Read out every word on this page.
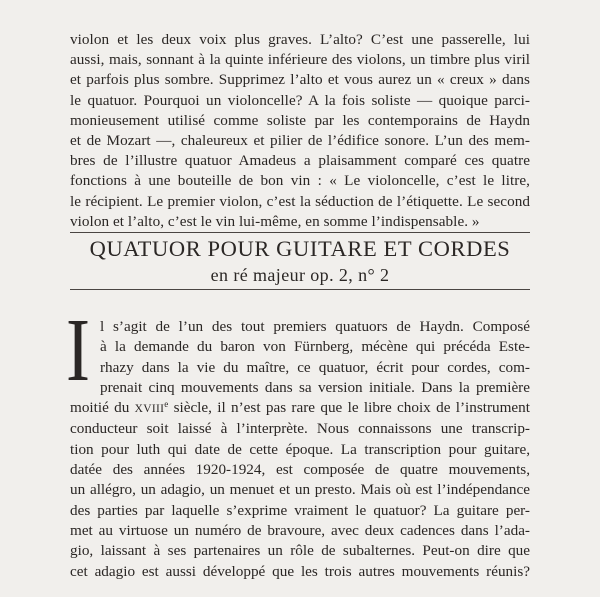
violon et les deux voix plus graves. L’alto? C’est une passerelle, lui
aussi, mais, sonnant à la quinte inférieure des violons, un timbre plus viril
et parfois plus sombre. Supprimez l’alto et vous aurez un « creux » dans
le quatuor. Pourquoi un violoncelle? A la fois soliste — quoique parci-
monieusement utilisé comme soliste par les contemporains de Haydn
et de Mozart —, chaleureux et pilier de l’édifice sonore. L’un des mem-
bres de l’illustre quatuor Amadeus a plaisamment comparé ces quatre
fonctions à une bouteille de bon vin : « Le violoncelle, c’est le litre,
le récipient. Le premier violon, c’est la séduction de l’étiquette. Le second
violon et l’alto, c’est le vin lui-même, en somme l’indispensable. »
QUATUOR POUR GUITARE ET CORDES
en ré majeur op. 2, n° 2
I l s’agit de l’un des tout premiers quatuors de Haydn. Composé
à la demande du baron von Fürnberg, mécène qui précéda Este-
rhazy dans la vie du maître, ce quatuor, écrit pour cordes, com-
prenait cinq mouvements dans sa version initiale. Dans la première
moitié du XVIIIe siècle, il n’est pas rare que le libre choix de l’instrument
conducteur soit laissé à l’interprète. Nous connaissons une transcrip-
tion pour luth qui date de cette époque. La transcription pour guitare,
datée des années 1920-1924, est composée de quatre mouvements,
un allégro, un adagio, un menuet et un presto. Mais où est l’indépendance
des parties par laquelle s’exprime vraiment le quatuor? La guitare per-
met au virtuose un numéro de bravoure, avec deux cadences dans l’ada-
gio, laissant à ses partenaires un rôle de subalternes. Peut-on dire que
cet adagio est aussi développé que les trois autres mouvements réunis?
